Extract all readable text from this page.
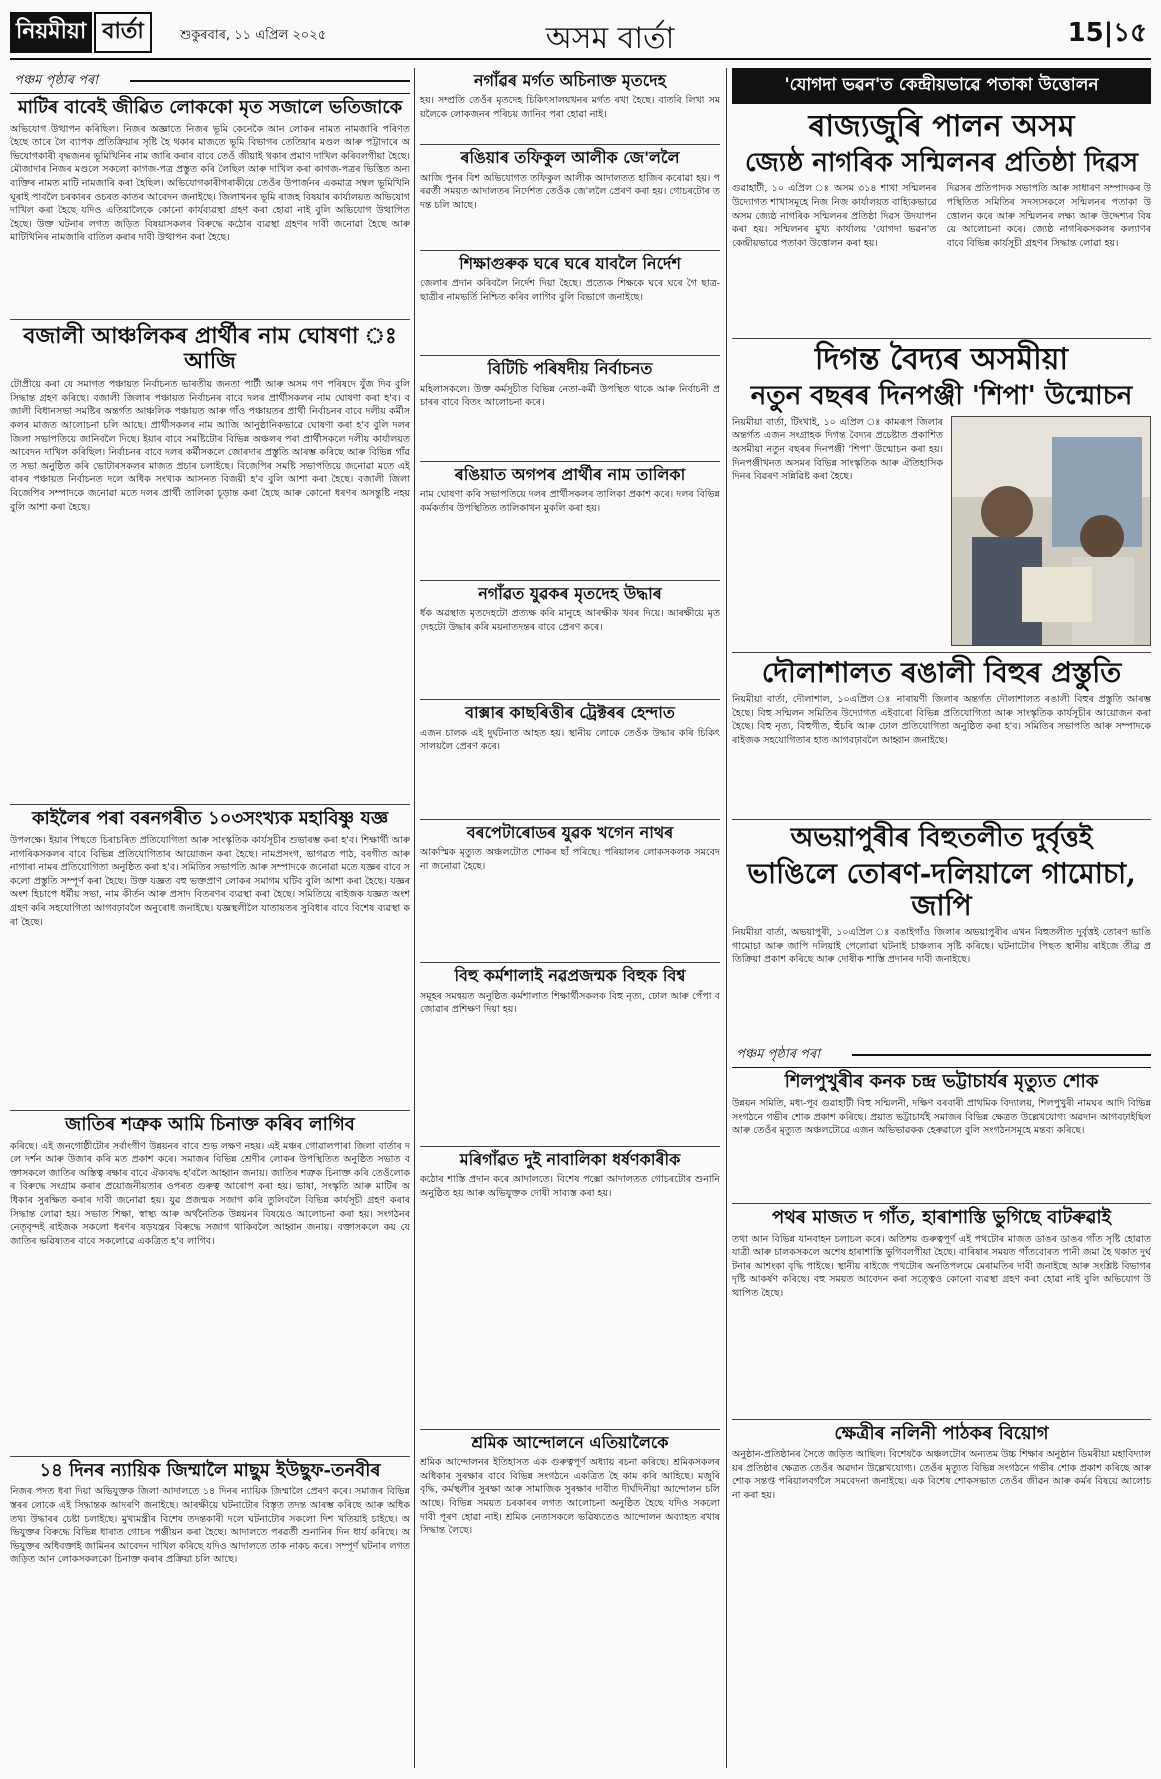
নিয়মীয়া বাৰ্তা	শুকুৰবাৰ, ১১ এপ্ৰিল ২০২৫	অসম বাৰ্তা	15|১৫
পঞ্চম পৃষ্ঠাৰ পৰা
মাটিৰ বাবেই জীৱিত লোককো মৃত সজালে ভতিজাকে
অভিযোগ উত্থাপন কৰিছিল। নিজৰ অজ্ঞাতে নিজৰ ভূমি কেনেকৈ আন লোকৰ নামত নামজাৰি পৰিণত হৈছে তাৰে লৈ ব্যাপক প্ৰতিক্ৰিয়াৰ সৃষ্টি হৈ থকাৰ মাজতে ভূমি বিভাগৰ তেতিয়াৰ মণ্ডল আৰু পট্টাদাৰে অভিযোগকাৰী বৃদ্ধজনৰ ভূমিখিনিৰ নাম জাৰি কৰাৰ বাবে তেওঁ জীয়াই থকাৰ প্ৰমাণ দাখিল কৰিবলগীয়া হৈছে। মৌজাদাৰ নিজৰ মণ্ডলে সকলো কাগজ-পত্ৰ প্ৰস্তুত কৰি লৈছিল আৰু দাখিল কৰা কাগজ-পত্ৰৰ ভিত্তিত অন্য ব্যক্তিৰ নামত মাটি নামজাৰি কৰা হৈছিল। অভিযোগকাৰীগৰাকীয়ে তেওঁৰ উপাৰ্জনৰ একমাত্ৰ সম্বল ভূমিখিনি ঘূৰাই পাবলৈ চৰকাৰৰ ওচৰত কাতৰ আবেদন জনাইছে। জিলাখনৰ ভূমি ৰাজহ বিষয়াৰ কাৰ্যালয়ত অভিযোগ দাখিল কৰা হৈছে যদিও এতিয়ালৈকে কোনো কাৰ্যব্যৱস্থা গ্ৰহণ কৰা হোৱা নাই বুলি অভিযোগ উত্থাপিত হৈছে। উক্ত ঘটনাৰ লগত জড়িত বিষয়াসকলৰ বিৰুদ্ধে কঠোৰ ব্যৱস্থা গ্ৰহণৰ দাবী জনোৱা হৈছে আৰু মাটিখিনিৰ নামজাৰি বাতিল কৰাৰ দাবী উত্থাপন কৰা হৈছে।
বজালী আঞ্চলিকৰ প্ৰাৰ্থীৰ নাম ঘোষণা ঃ আজি
টোপ্ৰীয়ে কৰা যে সমাগত পঞ্চায়ত নিৰ্বাচনত ভাৰতীয় জনতা পাৰ্টী আৰু অসম গণ পৰিষদে যুঁজ দিব বুলি সিদ্ধান্ত গ্ৰহণ কৰিছে। বজালী জিলাৰ পঞ্চায়ত নিৰ্বাচনৰ বাবে দলৰ প্ৰাৰ্থীসকলৰ নাম ঘোষণা কৰা হ'ব। বজালী বিধানসভা সমষ্টিৰ অন্তৰ্গত আঞ্চলিক পঞ্চায়ত আৰু গাঁও পঞ্চায়তৰ প্ৰাৰ্থী নিৰ্বাচনৰ বাবে দলীয় কৰ্মীসকলৰ মাজত আলোচনা চলি আছে। প্ৰাৰ্থীসকলৰ নাম আজি আনুষ্ঠানিকভাৱে ঘোষণা কৰা হ'ব বুলি দলৰ জিলা সভাপতিয়ে জানিবলৈ দিছে। ইয়াৰ বাবে সমষ্টিটোৰ বিভিন্ন অঞ্চলৰ পৰা প্ৰাৰ্থীসকলে দলীয় কাৰ্যালয়ত আবেদন দাখিল কৰিছিল। নিৰ্বাচনৰ বাবে দলৰ কৰ্মীসকলে জোৰদাৰ প্ৰস্তুতি আৰম্ভ কৰিছে আৰু বিভিন্ন গাঁৱত সভা অনুষ্ঠিত কৰি ভোটাৰসকলৰ মাজত প্ৰচাৰ চলাইছে। বিজেপিৰ সমষ্টি সভাপতিয়ে জনোৱা মতে এইবাৰৰ পঞ্চায়ত নিৰ্বাচনত দলে অধিক সংখ্যক আসনত বিজয়ী হ'ব বুলি আশা কৰা হৈছে। বজালী জিলা বিজেপিৰ সম্পাদকে জনোৱা মতে দলৰ প্ৰাৰ্থী তালিকা চূড়ান্ত কৰা হৈছে আৰু কোনো ধৰণৰ অসন্তুষ্টি নহয় বুলি আশা কৰা হৈছে।
কাইলৈৰ পৰা বৰনগৰীত ১০৩সংখ্যক মহাবিষ্ণু যজ্ঞ
উপলক্ষে। ইয়াৰ পিছতে চিৰাচৰিত প্ৰতিযোগিতা আৰু সাংস্কৃতিক কাৰ্যসূচীৰ শুভাৰম্ভ কৰা হ'ব। শিক্ষাৰ্থী আৰু নাগৰিকসকলৰ বাবে বিভিন্ন প্ৰতিযোগিতাৰ আয়োজন কৰা হৈছে। নামপ্ৰসংগ, ভাগৱত পাঠ, বৰগীত আৰু নাগাৰা নামৰ প্ৰতিযোগিতা অনুষ্ঠিত কৰা হ'ব। সমিতিৰ সভাপতি আৰু সম্পাদকে জনোৱা মতে যজ্ঞৰ বাবে সকলো প্ৰস্তুতি সম্পূৰ্ণ কৰা হৈছে। উক্ত যজ্ঞত বহু ভক্তপ্ৰাণ লোকৰ সমাগম ঘটিব বুলি আশা কৰা হৈছে। যজ্ঞৰ অংশ হিচাপে ধৰ্মীয় সভা, নাম কীৰ্তন আৰু প্ৰসাদ বিতৰণৰ ব্যৱস্থা কৰা হৈছে। সমিতিয়ে ৰাইজক যজ্ঞত অংশগ্ৰহণ কৰি সহযোগিতা আগবঢ়াবলৈ অনুৰোধ জনাইছে। যজ্ঞস্থলীলৈ যাতায়তৰ সুবিধাৰ বাবে বিশেষ ব্যৱস্থা কৰা হৈছে।
জাতিৰ শত্ৰুক আমি চিনাক্ত কৰিব লাগিব
কৰিছে। এই জনগোষ্ঠীটোৰ সৰ্বাংগীণ উন্নয়নৰ বাবে শুভ লক্ষণ নহয়। এই মঞ্চৰ গোৱালপাৰা জিলা বাৰ্তাৰ দলে দৰ্শন আৰু উজাৰ কৰি মত প্ৰকাশ কৰে। সমাজৰ বিভিন্ন শ্ৰেণীৰ লোকৰ উপস্থিতিত অনুষ্ঠিত সভাত বক্তাসকলে জাতিৰ অস্তিত্ব ৰক্ষাৰ বাবে ঐক্যবদ্ধ হ'বলৈ আহ্বান জনায়। জাতিৰ শত্ৰুক চিনাক্ত কৰি তেওঁলোকৰ বিৰুদ্ধে সংগ্ৰাম কৰাৰ প্ৰয়োজনীয়তাৰ ওপৰত গুৰুত্ব আৰোপ কৰা হয়। ভাষা, সংস্কৃতি আৰু মাটিৰ অধিকাৰ সুৰক্ষিত কৰাৰ দাবী জনোৱা হয়। যুৱ প্ৰজন্মক সজাগ কৰি তুলিবলৈ বিভিন্ন কাৰ্যসূচী গ্ৰহণ কৰাৰ সিদ্ধান্ত লোৱা হয়। সভাত শিক্ষা, স্বাস্থ্য আৰু অৰ্থনৈতিক উন্নয়নৰ বিষয়েও আলোচনা কৰা হয়। সংগঠনৰ নেতৃবৃন্দই ৰাইজক সকলো ধৰণৰ ষড়যন্ত্ৰৰ বিৰুদ্ধে সজাগ থাকিবলৈ আহ্বান জনায়। বক্তাসকলে কয় যে জাতিৰ ভৱিষ্যতৰ বাবে সকলোৱে একত্ৰিত হ'ব লাগিব।
১৪ দিনৰ ন্যায়িক জিম্মালৈ মাছুম ইউছুফ-তনবীৰ
নিজৰ পদত ধৰা দিয়া অভিযুক্তক জিলা আদালতে ১৪ দিনৰ ন্যায়িক জিম্মালৈ প্ৰেৰণ কৰে। সমাজৰ বিভিন্ন স্তৰৰ লোকে এই সিদ্ধান্তক আদৰণি জনাইছে। আৰক্ষীয়ে ঘটনাটোৰ বিস্তৃত তদন্ত আৰম্ভ কৰিছে আৰু অধিক তথ্য উদ্ধাৰৰ চেষ্টা চলাইছে। মুখ্যমন্ত্ৰীৰ বিশেষ তদন্তকাৰী দলে ঘটনাটোৰ সকলো দিশ খতিয়াই চাইছে। অভিযুক্তৰ বিৰুদ্ধে বিভিন্ন ধাৰাত গোচৰ পঞ্জীয়ন কৰা হৈছে। আদালতে পৰৱৰ্তী শুনানিৰ দিন ধাৰ্য কৰিছে। অভিযুক্তৰ অধিবক্তাই জামিনৰ আবেদন দাখিল কৰিছে যদিও আদালতে তাক নাকচ কৰে। সম্পূৰ্ণ ঘটনাৰ লগত জড়িত আন লোকসকলকো চিনাক্ত কৰাৰ প্ৰক্ৰিয়া চলি আছে।
নগাঁৱৰ মৰ্গত অচিনাক্ত মৃতদেহ
হয়। সম্প্ৰতি তেওঁৰ মৃতদেহ চিকিৎসালয়খনৰ মৰ্গত ৰখা হৈছে। বাতৰি লিখা সময়লৈকে লোকজনৰ পৰিচয় জানিব পৰা হোৱা নাই।
ৰঙিয়াৰ তফিকুল আলীক জে'ললৈ
আজি পুনৰ বিশ অভিযোগত তফিকুল আলীক আদালতত হাজিৰ কৰোৱা হয়। পৰৱৰ্তী সময়ত আদালতৰ নিৰ্দেশত তেওঁক জে'ললৈ প্ৰেৰণ কৰা হয়। গোচৰটোৰ তদন্ত চলি আছে।
শিক্ষাগুৰুক ঘৰে ঘৰে যাবলৈ নিৰ্দেশ
জেলাৰ প্ৰদান কৰিবলৈ নিৰ্দেশ দিয়া হৈছে। প্ৰত্যেক শিক্ষকে ঘৰে ঘৰে গৈ ছাত্ৰ-ছাত্ৰীৰ নামভৰ্তি নিশ্চিত কৰিব লাগিব বুলি বিভাগে জনাইছে।
বিটিচি পৰিষদীয় নিৰ্বাচনত
মহিলাসকলে। উক্ত কৰ্মসূচীত বিভিন্ন নেতা-কৰ্মী উপস্থিত থাকে আৰু নিৰ্বাচনী প্ৰচাৰৰ বাবে বিতং আলোচনা কৰে।
ৰঙিয়াত অগপৰ প্ৰাৰ্থীৰ নাম তালিকা
নাম ঘোষণা কৰি সভাপতিয়ে দলৰ প্ৰাৰ্থীসকলৰ তালিকা প্ৰকাশ কৰে। দলৰ বিভিন্ন কৰ্মকৰ্তাৰ উপস্থিতিত তালিকাখন মুকলি কৰা হয়।
নগাঁৱত যুৱকৰ মৃতদেহ উদ্ধাৰ
ৰ্ধক অৱস্থাত মৃতদেহটো প্ৰত্যক্ষ কৰি মানুহে আৰক্ষীক খবৰ দিয়ে। আৰক্ষীয়ে মৃতদেহটো উদ্ধাৰ কৰি ময়নাতদন্তৰ বাবে প্ৰেৰণ কৰে।
বাক্সাৰ কাছৰিত্তীৰ ট্ৰেক্টৰৰ হেন্দাত
এজন চালক এই দুৰ্ঘটনাত আহত হয়। স্থানীয় লোকে তেওঁক উদ্ধাৰ কৰি চিকিৎসালয়লৈ প্ৰেৰণ কৰে।
বৰপেটাৰোডৰ যুৱক খগেন নাথৰ
আকস্মিক মৃত্যুত অঞ্চলটোত শোকৰ ছাঁ পৰিছে। পৰিয়ালৰ লোকসকলক সমবেদনা জনোৱা হৈছে।
বিহু কৰ্মশালাই নৱপ্ৰজন্মক বিহুক বিশ্ব
সমূহৰ সমন্বয়ত অনুষ্ঠিত কৰ্মশালাত শিক্ষাৰ্থীসকলক বিহু নৃত্য, ঢোল আৰু পেঁপা বজোৱাৰ প্ৰশিক্ষণ দিয়া হয়।
মৰিগাঁৱত দুই নাবালিকা ধৰ্ষণকাৰীক
কঠোৰ শাস্তি প্ৰদান কৰে আদালতে। বিশেষ পক্সো আদালতত গোচৰটোৰ শুনানি অনুষ্ঠিত হয় আৰু অভিযুক্তক দোষী সাব্যস্ত কৰা হয়।
শ্ৰমিক আন্দোলনে এতিয়ালৈকে
শ্ৰমিক আন্দোলনৰ ইতিহাসত এক গুৰুত্বপূৰ্ণ অধ্যায় ৰচনা কৰিছে। শ্ৰমিকসকলৰ অধিকাৰ সুৰক্ষাৰ বাবে বিভিন্ন সংগঠনে একত্ৰিত হৈ কাম কৰি আহিছে। মজুৰি বৃদ্ধি, কৰ্মস্থলীৰ সুৰক্ষা আৰু সামাজিক সুৰক্ষাৰ দাবীত দীৰ্ঘদিনীয়া আন্দোলন চলি আছে। বিভিন্ন সময়ত চৰকাৰৰ লগত আলোচনা অনুষ্ঠিত হৈছে যদিও সকলো দাবী পূৰণ হোৱা নাই। শ্ৰমিক নেতাসকলে ভৱিষ্যতেও আন্দোলন অব্যাহত ৰখাৰ সিদ্ধান্ত লৈছে।
'যোগদা ভৱন'ত কেন্দ্ৰীয়ভাৱে পতাকা উত্তোলন
ৰাজ্যজুৰি পালন অসম
জ্যেষ্ঠ নাগৰিক সন্মিলনৰ প্ৰতিষ্ঠা দিৱস
গুৱাহাটী, ১০ এপ্ৰিল ঃ অসম ৩১৪ শাখা সন্মিলনৰ উদ্যোগত শাখাসমূহে নিজ নিজ কাৰ্যালয়ত বাহ্যিকভাৱে অসম জ্যেষ্ঠ নাগৰিক সন্মিলনৰ প্ৰতিষ্ঠা দিৱস উদযাপন কৰা হয়। সন্মিলনৰ মুখ্য কাৰ্যালয় 'যোগদা ভৱন'ত কেন্দ্ৰীয়ভাৱে পতাকা উত্তোলন কৰা হয়।
দিৱসৰ প্ৰতিপাদক সভাপতি আৰু সাধাৰণ সম্পাদকৰ উপস্থিতিত সমিতিৰ সদস্যসকলে সন্মিলনৰ পতাকা উত্তোলন কৰে আৰু সন্মিলনৰ লক্ষ্য আৰু উদ্দেশ্যৰ বিষয়ে আলোচনা কৰে। জ্যেষ্ঠ নাগৰিকসকলৰ কল্যাণৰ বাবে বিভিন্ন কাৰ্যসূচী গ্ৰহণৰ সিদ্ধান্ত লোৱা হয়।
দিগন্ত বৈদ্যৰ অসমীয়া
নতুন বছৰৰ দিনপঞ্জী 'শিপা' উন্মোচন
নিয়মীয়া বাৰ্তা, টিংখাই, ১০ এপ্ৰিল ঃ কামৰূপ জিলাৰ অন্তৰ্গত এজন সংগ্ৰাহক দিগন্ত বৈদ্যৰ প্ৰচেষ্টাত প্ৰকাশিত অসমীয়া নতুন বছৰৰ দিনপঞ্জী 'শিপা' উন্মোচন কৰা হয়। দিনপঞ্জীখনত অসমৰ বিভিন্ন সাংস্কৃতিক আৰু ঐতিহাসিক দিনৰ বিৱৰণ সন্নিৱিষ্ট কৰা হৈছে।
দৌলাশালত ৰঙালী বিহুৰ প্ৰস্তুতি
নিয়মীয়া বাৰ্তা, দৌলাশাল, ১০এপ্ৰিল ঃ নাৰায়ণী জিলাৰ অন্তৰ্গত দৌলাশালত ৰঙালী বিহুৰ প্ৰস্তুতি আৰম্ভ হৈছে। বিহু সন্মিলন সমিতিৰ উদ্যোগত এইবাৰো বিভিন্ন প্ৰতিযোগিতা আৰু সাংস্কৃতিক কাৰ্যসূচীৰ আয়োজন কৰা হৈছে। বিহু নৃত্য, বিহুগীত, হুঁচৰি আৰু ঢোল প্ৰতিযোগিতা অনুষ্ঠিত কৰা হ'ব। সমিতিৰ সভাপতি আৰু সম্পাদকে ৰাইজক সহযোগিতাৰ হাত আগবঢ়াবলৈ আহ্বান জনাইছে।
অভয়াপুৰীৰ বিহুতলীত দুৰ্বৃত্তই
ভাঙিলে তোৰণ-দলিয়ালে গামোচা, জাপি
নিয়মীয়া বাৰ্তা, অভয়াপুৰী, ১০এপ্ৰিল ঃ বঙাইগাঁও জিলাৰ অভয়াপুৰীৰ এখন বিহুতলীত দুৰ্বৃত্তই তোৰণ ভাঙি গামোচা আৰু জাপি দলিয়াই পেলোৱা ঘটনাই চাঞ্চল্যৰ সৃষ্টি কৰিছে। ঘটনাটোৰ পিছত স্থানীয় ৰাইজে তীব্ৰ প্ৰতিক্ৰিয়া প্ৰকাশ কৰিছে আৰু দোষীক শাস্তি প্ৰদানৰ দাবী জনাইছে।
পঞ্চম পৃষ্ঠাৰ পৰা
শিলপুখুৰীৰ কনক চন্দ্ৰ ভট্টাচাৰ্যৰ মৃত্যুত শোক
উন্নয়ন সমিতি, মধ্য-পূব গুৱাহাটী বিহু সন্মিলনী, দক্ষিণ বৰবাৰী প্ৰাথমিক বিদ্যালয়, শিলপুখুৰী নামঘৰ আদি বিভিন্ন সংগঠনে গভীৰ শোক প্ৰকাশ কৰিছে। প্ৰয়াত ভট্টাচাৰ্যই সমাজৰ বিভিন্ন ক্ষেত্ৰত উল্লেখযোগ্য অৱদান আগবঢ়াইছিল আৰু তেওঁৰ মৃত্যুত অঞ্চলটোৱে এজন অভিভাৱকক হেৰুৱালে বুলি সংগঠনসমূহে মন্তব্য কৰিছে।
পথৰ মাজত দ গাঁত, হাৰাশাস্তি ভুগিছে বাটৰুৱাই
তথা আন বিভিন্ন যানবাহন চলাচল কৰে। অতিশয় গুৰুত্বপূৰ্ণ এই পথটোৰ মাজত ডাঙৰ ডাঙৰ গাঁত সৃষ্টি হোৱাত যাত্ৰী আৰু চালকসকলে অশেষ হাৰাশাস্তি ভুগিবলগীয়া হৈছে। বাৰিষাৰ সময়ত গাঁতবোৰত পানী জমা হৈ থকাত দুৰ্ঘটনাৰ আশংকা বৃদ্ধি পাইছে। স্থানীয় ৰাইজে পথটোৰ অনতিপলমে মেৰামতিৰ দাবী জনাইছে আৰু সংশ্লিষ্ট বিভাগৰ দৃষ্টি আকৰ্ষণ কৰিছে। বহু সময়ত আবেদন কৰা সত্ত্বেও কোনো ব্যৱস্থা গ্ৰহণ কৰা হোৱা নাই বুলি অভিযোগ উত্থাপিত হৈছে।
ক্ষেত্ৰীৰ নলিনী পাঠকৰ বিয়োগ
অনুষ্ঠান-প্ৰতিষ্ঠানৰ সৈতে জড়িত আছিল। বিশেষকৈ অঞ্চলটোৰ অন্যতম উচ্চ শিক্ষাৰ অনুষ্ঠান ডিমৰীয়া মহাবিদ্যালয়ৰ প্ৰতিষ্ঠাৰ ক্ষেত্ৰত তেওঁৰ অৱদান উল্লেখযোগ্য। তেওঁৰ মৃত্যুত বিভিন্ন সংগঠনে গভীৰ শোক প্ৰকাশ কৰিছে আৰু শোক সন্তপ্ত পৰিয়ালবৰ্গলৈ সমবেদনা জনাইছে। এক বিশেষ শোকসভাত তেওঁৰ জীৱন আৰু কৰ্মৰ বিষয়ে আলোচনা কৰা হয়।
